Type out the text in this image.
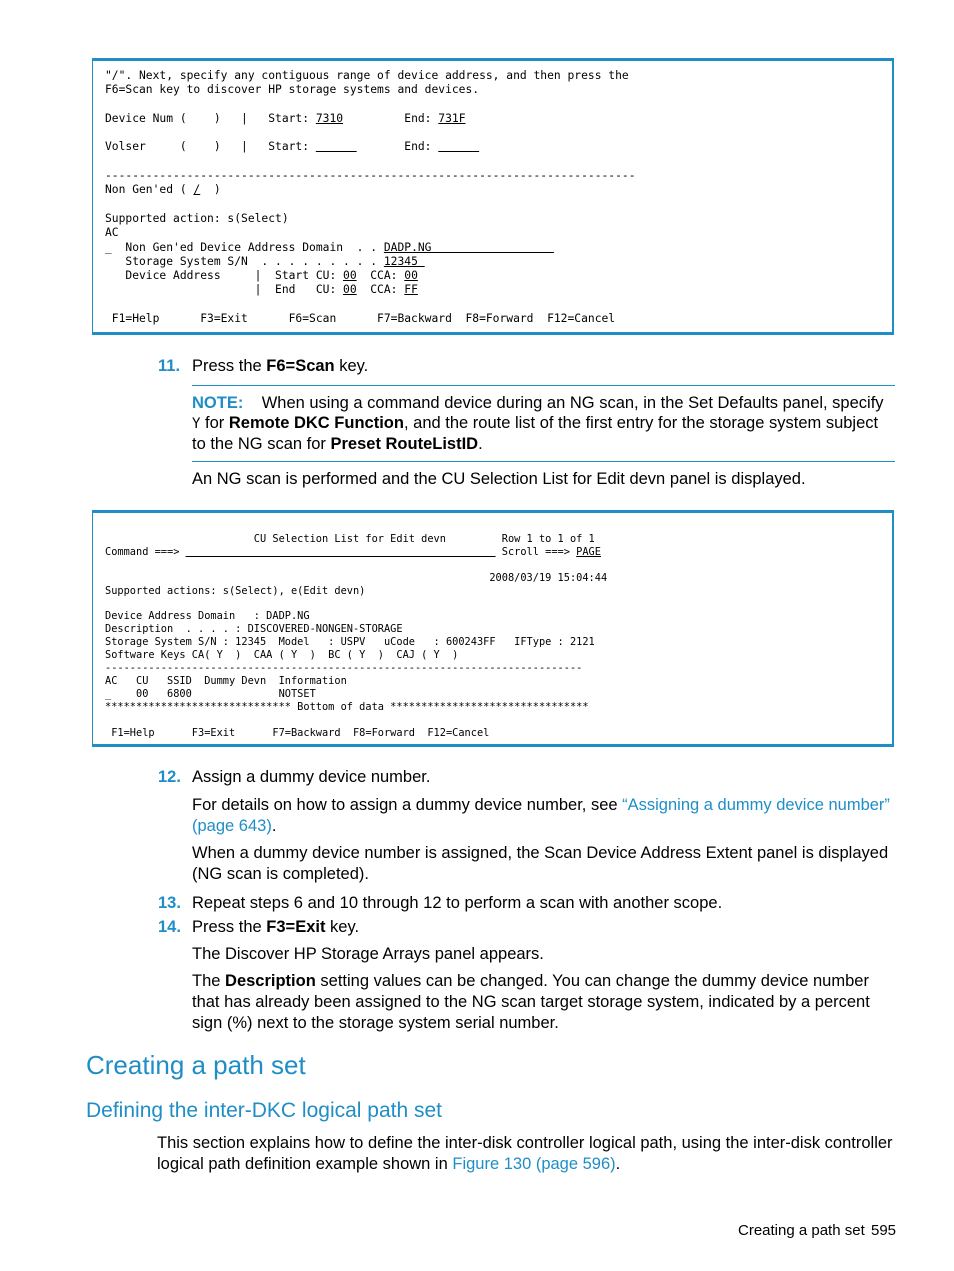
"/". Next, specify any contiguous range of device address, and then press the
F6=Scan key to discover HP storage systems and devices.

Device Num (    )   |   Start: 7310	End: 731F

Volser     (    )   |   Start:	End:

------------------------------------------------------------------------------
Non Gen'ed ( /  )

Supported action: s(Select)
AC
_  Non Gen'ed Device Address Domain  . . DADP.NG
Storage System S/N  . . . . . . . . . 12345
Device Address     |  Start CU: 00  CCA: 00
|  End   CU: 00  CCA: FF

F1=Help      F3=Exit      F6=Scan      F7=Backward  F8=Forward  F12=Cancel
11. Press the F6=Scan key.
NOTE: When using a command device during an NG scan, in the Set Defaults panel, specify
Y for Remote DKC Function, and the route list of the first entry for the storage system subject
to the NG scan for Preset RouteListID.
An NG scan is performed and the CU Selection List for Edit devn panel is displayed.
CU Selection List for Edit devn         Row 1 to 1 of 1
Command ===>	Scroll ===> PAGE

2008/03/19 15:04:44
Supported actions: s(Select), e(Edit devn)

Device Address Domain   : DADP.NG
Description  . . . . : DISCOVERED-NONGEN-STORAGE
Storage System S/N : 12345  Model   : USPV   uCode   : 600243FF   IFType : 2121
Software Keys CA( Y  )  CAA ( Y  )  BC ( Y  )  CAJ ( Y  )
-----------------------------------------------------------------------------
AC   CU   SSID  Dummy Devn  Information
_    00   6800              NOTSET
****************************** Bottom of data ********************************

F1=Help      F3=Exit      F7=Backward  F8=Forward  F12=Cancel
12. Assign a dummy device number.
For details on how to assign a dummy device number, see “Assigning a dummy device number”
(page 643).
When a dummy device number is assigned, the Scan Device Address Extent panel is displayed
(NG scan is completed).
13. Repeat steps 6 and 10 through 12 to perform a scan with another scope.
14. Press the F3=Exit key.
The Discover HP Storage Arrays panel appears.
The Description setting values can be changed. You can change the dummy device number
that has already been assigned to the NG scan target storage system, indicated by a percent
sign (%) next to the storage system serial number.
Creating a path set
Defining the inter-DKC logical path set
This section explains how to define the inter-disk controller logical path, using the inter-disk controller
logical path definition example shown in Figure 130 (page 596).
Creating a path set 595
